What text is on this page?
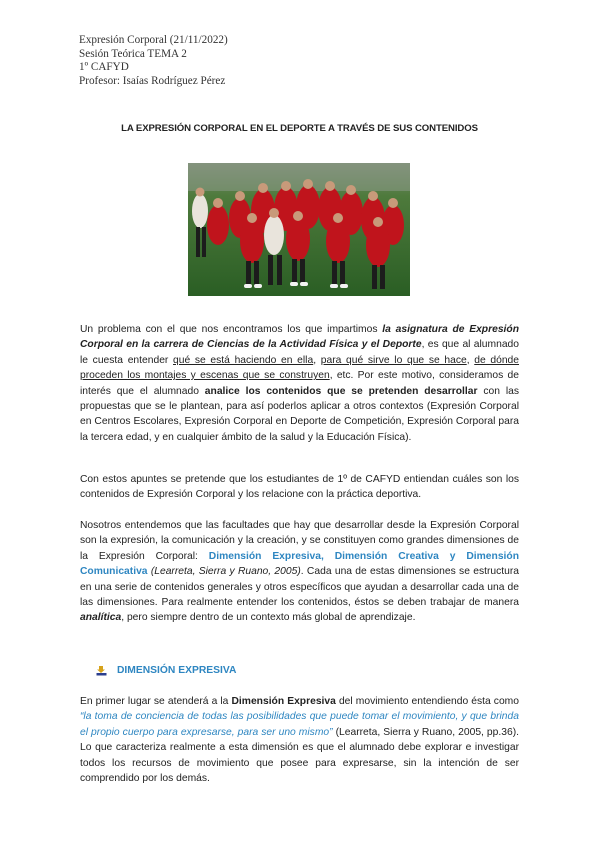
Expresión Corporal (21/11/2022)
Sesión Teórica TEMA 2
1º CAFYD
Profesor: Isaías Rodríguez Pérez
LA EXPRESIÓN CORPORAL EN EL DEPORTE A TRAVÉS DE SUS CONTENIDOS
Un problema con el que nos encontramos los que impartimos la asignatura de Expresión Corporal en la carrera de Ciencias de la Actividad Física y el Deporte, es que al alumnado le cuesta entender qué se está haciendo en ella, para qué sirve lo que se hace, de dónde proceden los montajes y escenas que se construyen, etc. Por este motivo, consideramos de interés que el alumnado analice los contenidos que se pretenden desarrollar con las propuestas que se le plantean, para así poderlos aplicar a otros contextos (Expresión Corporal en Centros Escolares, Expresión Corporal en Deporte de Competición, Expresión Corporal para la tercera edad, y en cualquier ámbito de la salud y la Educación Física).
Con estos apuntes se pretende que los estudiantes de 1º de CAFYD entiendan cuáles son los contenidos de Expresión Corporal y los relacione con la práctica deportiva.
Nosotros entendemos que las facultades que hay que desarrollar desde la Expresión Corporal son la expresión, la comunicación y la creación, y se constituyen como grandes dimensiones de la Expresión Corporal: Dimensión Expresiva, Dimensión Creativa y Dimensión Comunicativa (Learreta, Sierra y Ruano, 2005). Cada una de estas dimensiones se estructura en una serie de contenidos generales y otros específicos que ayudan a desarrollar cada una de las dimensiones. Para realmente entender los contenidos, éstos se deben trabajar de manera analítica, pero siempre dentro de un contexto más global de aprendizaje.
DIMENSIÓN EXPRESIVA
En primer lugar se atenderá a la Dimensión Expresiva del movimiento entendiendo ésta como “la toma de conciencia de todas las posibilidades que puede tomar el movimiento, y que brinda el propio cuerpo para expresarse, para ser uno mismo” (Learreta, Sierra y Ruano, 2005, pp.36). Lo que caracteriza realmente a esta dimensión es que el alumnado debe explorar e investigar todos los recursos de movimiento que posee para expresarse, sin la intención de ser comprendido por los demás.
